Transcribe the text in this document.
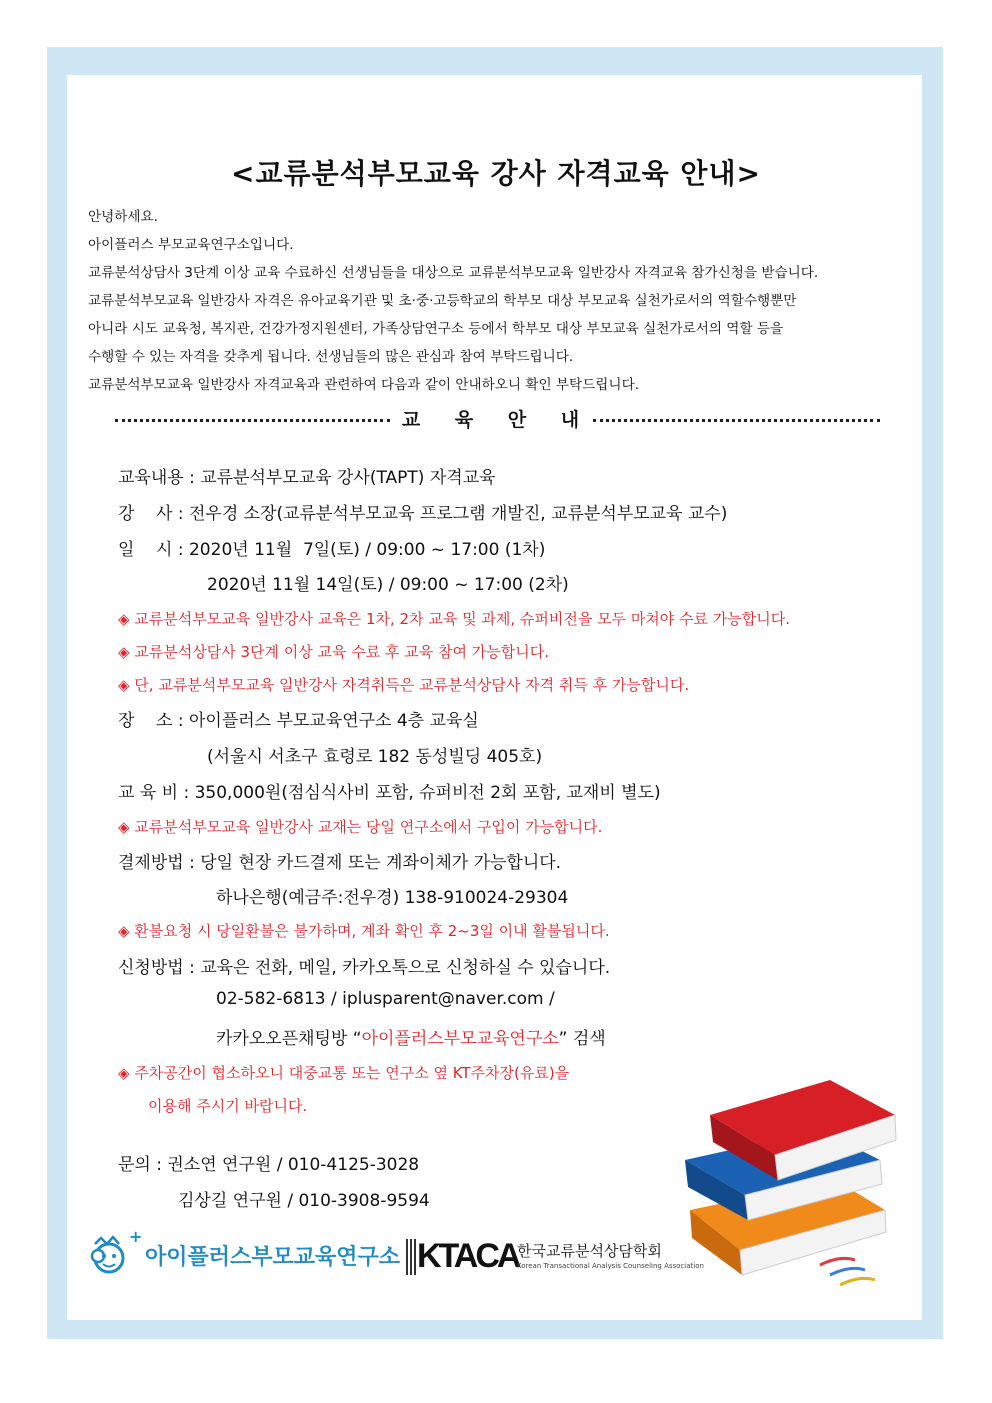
<교류분석부모교육 강사 자격교육 안내>
안녕하세요.
아이플러스 부모교육연구소입니다.
교류분석상담사 3단계 이상 교육 수료하신 선생님들을 대상으로 교류분석부모교육 일반강사 자격교육 참가신청을 받습니다.
교류분석부모교육 일반강사 자격은 유아교육기관 및 초·중·고등학교의 학부모 대상 부모교육 실천가로서의 역할수행뿐만
아니라 시도 교육청, 복지관, 건강가정지원센터, 가족상담연구소 등에서 학부모 대상 부모교육 실천가로서의 역할 등을
수행할 수 있는 자격을 갖추게 됩니다. 선생님들의 많은 관심과 참여 부탁드립니다.
교류분석부모교육 일반강사 자격교육과 관련하여 다음과 같이 안내하오니 확인 부탁드립니다.
교 육 안 내
교육내용 : 교류분석부모교육 강사(TAPT) 자격교육
강    사 : 전우경 소장(교류분석부모교육 프로그램 개발진, 교류분석부모교육 교수)
일    시 : 2020년 11월  7일(토) / 09:00 ~ 17:00 (1차)
2020년 11월 14일(토) / 09:00 ~ 17:00 (2차)
◈ 교류분석부모교육 일반강사 교육은 1차, 2차 교육 및 과제, 슈퍼비전을 모두 마쳐야 수료 가능합니다.
◈ 교류분석상담사 3단계 이상 교육 수료 후 교육 참여 가능합니다.
◈ 단, 교류분석부모교육 일반강사 자격취득은 교류분석상담사 자격 취득 후 가능합니다.
장    소 : 아이플러스 부모교육연구소 4층 교육실
(서울시 서초구 효령로 182 동성빌딩 405호)
교 육 비 : 350,000원(점심식사비 포함, 슈퍼비전 2회 포함, 교재비 별도)
◈ 교류분석부모교육 일반강사 교재는 당일 연구소에서 구입이 가능합니다.
결제방법 : 당일 현장 카드결제 또는 계좌이체가 가능합니다.
하나은행(예금주:전우경) 138-910024-29304
◈ 환불요청 시 당일환불은 불가하며, 계좌 확인 후 2~3일 이내 활불됩니다.
신청방법 : 교육은 전화, 메일, 카카오톡으로 신청하실 수 있습니다.
02-582-6813 / iplusparent@naver.com /
카카오오픈채팅방 “아이플러스부모교육연구소” 검색
◈ 주차공간이 협소하오니 대중교통 또는 연구소 옆 KT주차장(유료)을
이용해 주시기 바랍니다.
문의 : 권소연 연구원 / 010-4125-3028
김상길 연구원 / 010-3908-9594
+
아이플러스부모교육연구소 KTACA
한국교류분석상담학회
Korean Transactional Analysis Counseling Association
